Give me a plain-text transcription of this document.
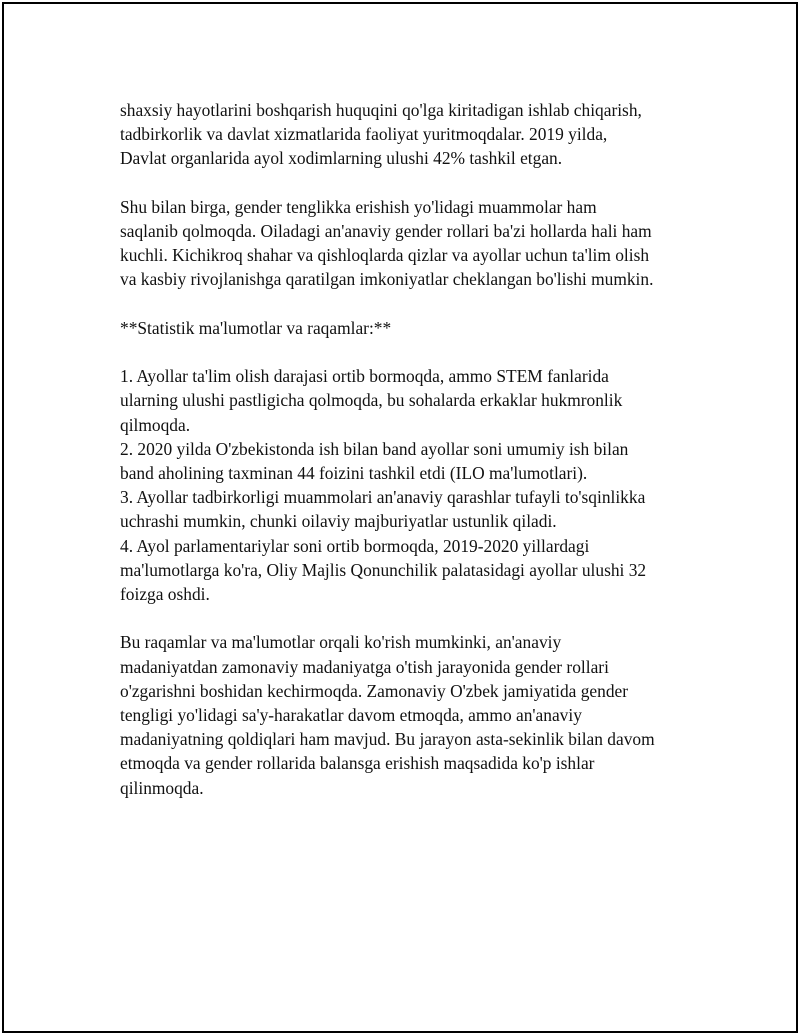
shaxsiy hayotlarini boshqarish huquqini qo'lga kiritadigan ishlab chiqarish,

tadbirkorlik va davlat xizmatlarida faoliyat yuritmoqdalar. 2019 yilda,

Davlat organlarida ayol xodimlarning ulushi 42% tashkil etgan.

Shu bilan birga, gender tenglikka erishish yo'lidagi muammolar ham

saqlanib qolmoqda. Oiladagi an'anaviy gender rollari ba'zi hollarda hali ham

kuchli. Kichikroq shahar va qishloqlarda qizlar va ayollar uchun ta'lim olish

va kasbiy rivojlanishga qaratilgan imkoniyatlar cheklangan bo'lishi mumkin.

**Statistik ma'lumotlar va raqamlar:**

1. Ayollar ta'lim olish darajasi ortib bormoqda, ammo STEM fanlarida

ularning ulushi pastligicha qolmoqda, bu sohalarda erkaklar hukmronlik

qilmoqda.

2. 2020 yilda O'zbekistonda ish bilan band ayollar soni umumiy ish bilan

band aholining taxminan 44 foizini tashkil etdi (ILO ma'lumotlari).

3. Ayollar tadbirkorligi muammolari an'anaviy qarashlar tufayli to'sqinlikka

uchrashi mumkin, chunki oilaviy majburiyatlar ustunlik qiladi.

4. Ayol parlamentariylar soni ortib bormoqda, 2019-2020 yillardagi

ma'lumotlarga ko'ra, Oliy Majlis Qonunchilik palatasidagi ayollar ulushi 32

foizga oshdi.

Bu raqamlar va ma'lumotlar orqali ko'rish mumkinki, an'anaviy

madaniyatdan zamonaviy madaniyatga o'tish jarayonida gender rollari

o'zgarishni boshidan kechirmoqda. Zamonaviy O'zbek jamiyatida gender

tengligi yo'lidagi sa'y-harakatlar davom etmoqda, ammo an'anaviy

madaniyatning qoldiqlari ham mavjud. Bu jarayon asta-sekinlik bilan davom

etmoqda va gender rollarida balansga erishish maqsadida ko'p ishlar

qilinmoqda.
